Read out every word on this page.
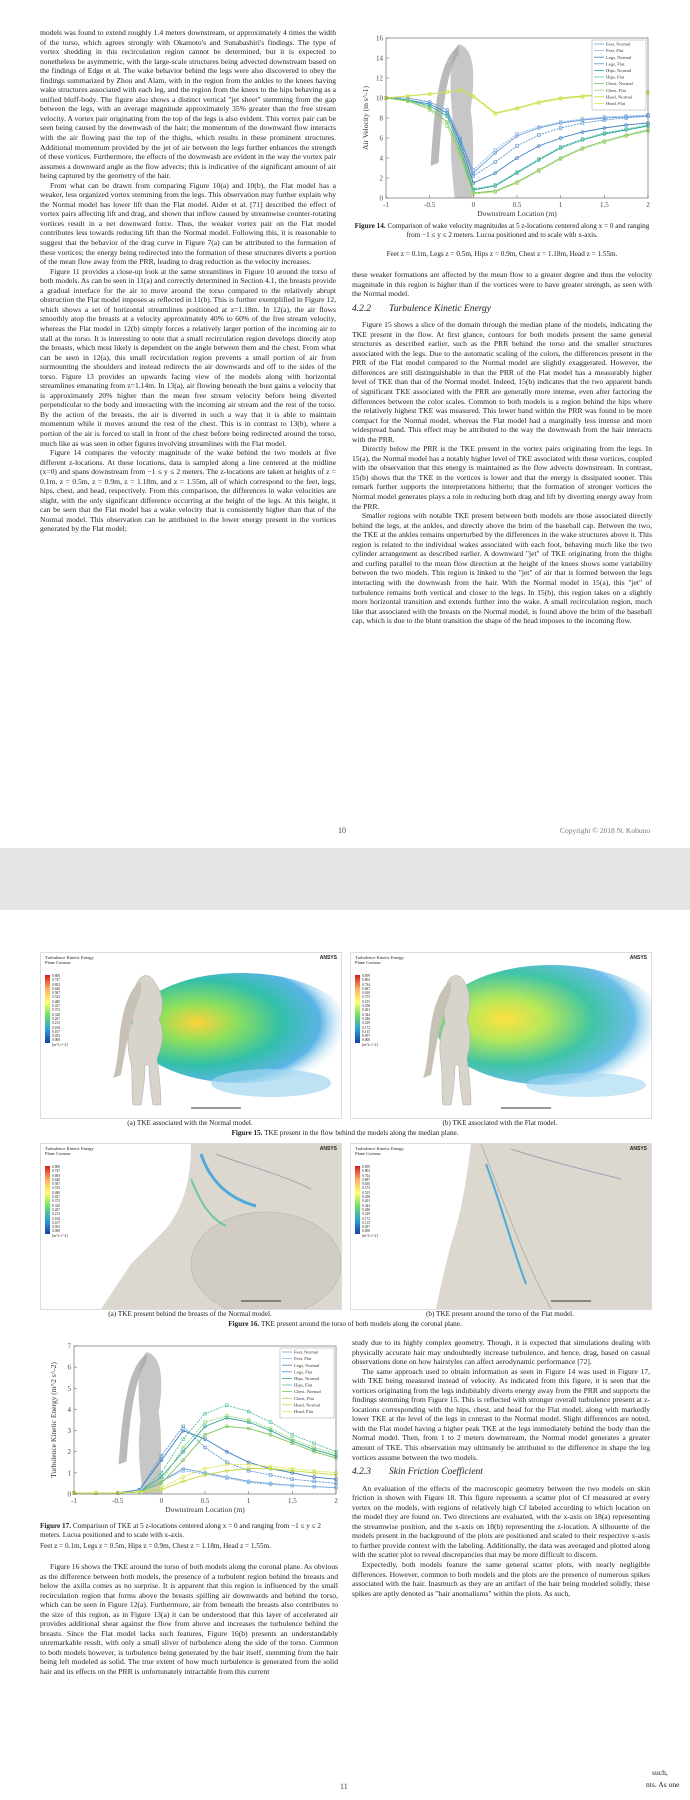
models was found to extend roughly 1.4 meters downstream, or approximately 4 times the width of the torso, which agrees strongly with Okamoto's and Sunabashiri's findings. The type of vortex shedding in this recirculation region cannot be determined, but it is expected to nonetheless be asymmetric, with the large-scale structures being advected downstream based on the findings of Edge et al. The wake behavior behind the legs were also discovered to obey the findings summarized by Zhou and Alam, with in the region from the ankles to the knees having wake structures associated with each leg, and the region from the knees to the hips behaving as a unified bluff-body. The figure also shows a distinct vertical "jet sheet" stemming from the gap between the legs, with an average magnitude approximately 35% greater than the free stream velocity. A vortex pair originating from the top of the legs is also evident. This vortex pair can be seen being caused by the downwash of the hair; the momentum of the downward flow interacts with the air flowing past the top of the thighs, which results in these prominent structures. Additional momentum provided by the jet of air between the legs further enhances the strength of these vortices. Furthermore, the effects of the downwash are evident in the way the vortex pair assumes a downward angle as the flow advects; this is indicative of the significant amount of air being captured by the geometry of the hair.

From what can be drawn from comparing Figure 10(a) and 10(b), the Flat model has a weaker, less organized vortex stemming from the legs. This observation may further explain why the Normal model has lower lift than the Flat model. Aider et al. [71] described the effect of vortex pairs affecting lift and drag, and shown that inflow caused by streamwise counter-rotating vortices result in a net downward force. Thus, the weaker vortex pair on the Flat model contributes less towards reducing lift than the Normal model. Following this, it is reasonable to suggest that the behavior of the drag curve in Figure 7(a) can be attributed to the formation of these vortices; the energy being redirected into the formation of these structures diverts a portion of the mean flow away from the PRR, leading to drag reduction as the velocity increases.

Figure 11 provides a close-up look at the same streamlines in Figure 10 around the torso of both models. As can be seen in 11(a) and correctly determined in Section 4.1, the breasts provide a gradual interface for the air to move around the torso compared to the relatively abrupt obstruction the Flat model imposes as reflected in 11(b). This is further exemplified in Figure 12, which shows a set of horizontal streamlines positioned at z=1.18m. In 12(a), the air flows smoothly atop the breasts at a velocity approximately 40% to 60% of the free stream velocity, whereas the Flat model in 12(b) simply forces a relatively larger portion of the incoming air to stall at the torso. It is interesting to note that a small recirculation region develops directly atop the breasts, which most likely is dependent on the angle between them and the chest. From what can be seen in 12(a), this small recirculation region prevents a small portion of air from surmounting the shoulders and instead redirects the air downwards and off to the sides of the torso. Figure 13 provides an upwards facing view of the models along with horizontal streamlines emanating from z=1.14m. In 13(a), air flowing beneath the bust gains a velocity that is approximately 20% higher than the mean free stream velocity before being diverted perpendicular to the body and interacting with the incoming air stream and the rest of the torso. By the action of the breasts, the air is diverted in such a way that it is able to maintain momentum while it moves around the rest of the chest. This is in contrast to 13(b), where a portion of the air is forced to stall in front of the chest before being redirected around the torso, much like as was seen in other figures involving streamlines with the Flat model.

Figure 14 compares the velocity magnitude of the wake behind the two models at five different z-locations. At these locations, data is sampled along a line centered at the midline (x=0) and spans downstream from −1 ≤ y ≤ 2 meters. The z-locations are taken at heights of z = 0.1m, z = 0.5m, z = 0.9m, z = 1.18m, and z = 1.55m, all of which correspond to the feet, legs, hips, chest, and head, respectively. From this comparison, the differences in wake velocities are slight, with the only significant difference occurring at the height of the legs. At this height, it can be seen that the Flat model has a wake velocity that is consistently higher than that of the Normal model. This observation can be attributed to the lower energy present in the vortices generated by the Flat model;

-1	-0.5	0	0.5	1	1.5	2
0
2
4
6
8
10
12
14
16
Downstream Location (m)
Air Velocity (m s^-1)
Feet, Normal
Feet, Flat
Legs, Normal
Legs, Flat
Hips, Normal
Hips, Flat
Chest, Normal
Chest, Flat
Head, Normal
Head, Flat
Figure 14. Comparison of wake velocity magnitudes at 5 z-locations centered along x = 0 and ranging from −1 ≤ y ≤ 2 meters. Lucoa positioned and to scale with x-axis.
Feet z = 0.1m, Legs z = 0.5m, Hips z = 0.9m, Chest z = 1.18m, Head z = 1.55m.

these weaker formations are affected by the mean flow to a greater degree and thus the velocity magnitude in this region is higher than if the vortices were to have greater strength, as seen with the Normal model.

4.2.2 Turbulence Kinetic Energy

Figure 15 shows a slice of the domain through the median plane of the models, indicating the TKE present in the flow. At first glance, contours for both models present the same general structures as described earlier, such as the PRR behind the torso and the smaller structures associated with the legs. Due to the automatic scaling of the colors, the differences present in the PRR of the Flat model compared to the Normal model are slightly exaggerated. However, the differences are still distinguishable in that the PRR of the Flat model has a measurably higher level of TKE than that of the Normal model. Indeed, 15(b) indicates that the two apparent bands of significant TKE associated with the PRR are generally more intense, even after factoring the differences between the color scales. Common to both models is a region behind the hips where the relatively highest TKE was measured. This lower band within the PRR was found to be more compact for the Normal model, whereas the Flat model had a marginally less intense and more widespread band. This effect may be attributed to the way the downwash from the hair interacts with the PRR.

Directly below the PRR is the TKE present in the vortex pairs originating from the legs. In 15(a), the Normal model has a notably higher level of TKE associated with these vortices, coupled with the observation that this energy is maintained as the flow advects downstream. In contrast, 15(b) shows that the TKE in the vortices is lower and that the energy is dissipated sooner. This remark further supports the interpretations hitherto; that the formation of stronger vortices the Normal model generates plays a role in reducing both drag and lift by diverting energy away from the PRR.

Smaller regions with notable TKE present between both models are those associated directly behind the legs, at the ankles, and directly above the brim of the baseball cap. Between the two, the TKE at the ankles remains unperturbed by the differences in the wake structures above it. This region is related to the individual wakes associated with each foot, behaving much like the two cylinder arrangement as described earlier. A downward "jet" of TKE originating from the thighs and curling parallel to the mean flow direction at the height of the knees shows some variability between the two models. This region is linked to the "jet" of air that is formed between the legs interacting with the downwash from the hair. With the Normal model in 15(a), this "jet" of turbulence remains both vertical and closer to the legs. In 15(b), this region takes on a slightly more horizontal transition and extends further into the wake. A small recirculation region, much like that associated with the breasts on the Normal model, is found above the brim of the baseball cap, which is due to the blunt transition the shape of the head imposes to the incoming flow.

10	Copyright © 2018 N. Kobuno
Turbulence Kinetic Energy
Plane Contour
0.800
0.747
0.693
0.640
0.587
0.533
0.480
0.427
0.373
0.320
0.267
0.213
0.160
0.107
0.053
0.000
[m^2 s^-2]
ANSYS	Turbulence Kinetic Energy
Plane Contour
0.859
0.802
0.744
0.687
0.630
0.573
0.515
0.458
0.401
0.344
0.286
0.229
0.172
0.115
0.057
0.000
[m^2 s^-2]
ANSYS
(a) TKE associated with the Normal model.	(b) TKE associated with the Flat model.
Figure 15. TKE present in the flow behind the models along the median plane.
Turbulence Kinetic Energy
Plane Contour
0.800
0.747
0.693
0.640
0.587
0.533
0.480
0.427
0.373
0.320
0.267
0.213
0.160
0.107
0.053
0.000
[m^2 s^-2]
ANSYS	Turbulence Kinetic Energy
Plane Contour
0.859
0.802
0.744
0.687
0.630
0.573
0.515
0.458
0.401
0.344
0.286
0.229
0.172
0.115
0.057
0.000
[m^2 s^-2]
ANSYS
(a) TKE present behind the breasts of the Normal model.	(b) TKE present around the torso of the Flat model.
Figure 16. TKE present around the torso of both models along the coronal plane.
-1	-0.5	0	0.5	1	1.5	2
0
1
2
3
4
5
6
7
Downstream Location (m)
Turbulence Kinetic Energy (m^2 s^-2)
Feet, Normal
Feet, Flat
Legs, Normal
Legs, Flat
Hips, Normal
Hips, Flat
Chest, Normal
Chest, Flat
Head, Normal
Head, Flat
Figure 17. Comparison of TKE at 5 z-locations centered along x = 0 and ranging from −1 ≤ y ≤ 2 meters. Lucoa positioned and to scale with x-axis.
Feet z = 0.1m, Legs z = 0.5m, Hips z = 0.9m, Chest z = 1.18m, Head z = 1.55m.

Figure 16 shows the TKE around the torso of both models along the coronal plane. As obvious as the difference between both models, the presence of a turbulent region behind the breasts and below the axilla comes as no surprise. It is apparent that this region is influenced by the small recirculation region that forms above the breasts spilling air downwards and behind the torso, which can be seen in Figure 12(a). Furthermore, air from beneath the breasts also contributes to the size of this region, as in Figure 13(a) it can be understood that this layer of accelerated air provides additional shear against the flow from above and increases the turbulence behind the breasts. Since the Flat model lacks such features, Figure 16(b) presents an understandably unremarkable result, with only a small sliver of turbulence along the side of the torso. Common to both models however, is turbulence being generated by the hair itself, stemming from the hair being left modeled as solid. The true extent of how much turbulence is generated from the solid hair and its effects on the PRR is unfortunately intractable from this current

study due to its highly complex geometry. Though, it is expected that simulations dealing with physically accurate hair may undoubtedly increase turbulence, and hence, drag, based on casual observations done on how hairstyles can affect aerodynamic performance [72].

The same approach used to obtain information as seen in Figure 14 was used in Figure 17, with TKE being measured instead of velocity. As indicated from this figure, it is seen that the vortices originating from the legs indubitably diverts energy away from the PRR and supports the findings stemming from Figure 15. This is reflected with stronger overall turbulence present at z-locations corresponding with the hips, chest, and head for the Flat model, along with markedly lower TKE at the level of the legs in contrast to the Normal model. Slight differences are noted, with the Flat model having a higher peak TKE at the legs immediately behind the body than the Normal model. Then, from 1 to 2 meters downstream, the Normal model generates a greater amount of TKE. This observation may ultimately be attributed to the difference in shape the leg vortices assume between the two models.

4.2.3 Skin Friction Coefficient

An evaluation of the effects of the macroscopic geometry between the two models on skin friction is shown with Figure 18. This figure represents a scatter plot of Cf measured at every vertex on the models, with regions of relatively high Cf labeled according to which location on the model they are found on. Two directions are evaluated, with the x-axis on 18(a) representing the streamwise position, and the x-axis on 18(b) representing the z-location. A silhouette of the models present in the background of the plots are positioned and scaled to their respective x-axis to further provide context with the labeling. Additionally, the data was averaged and plotted along with the scatter plot to reveal discrepancies that may be more difficult to discern.

Expectedly, both models feature the same general scatter plots, with nearly negligible differences. However, common to both models and the plots are the presence of numerous spikes associated with the hair. Inasmuch as they are an artifact of the hair being modeled solidly, these spikes are aptly denoted as "hair anomalisms" within the plots. As such,

11
such,
nts. As one
